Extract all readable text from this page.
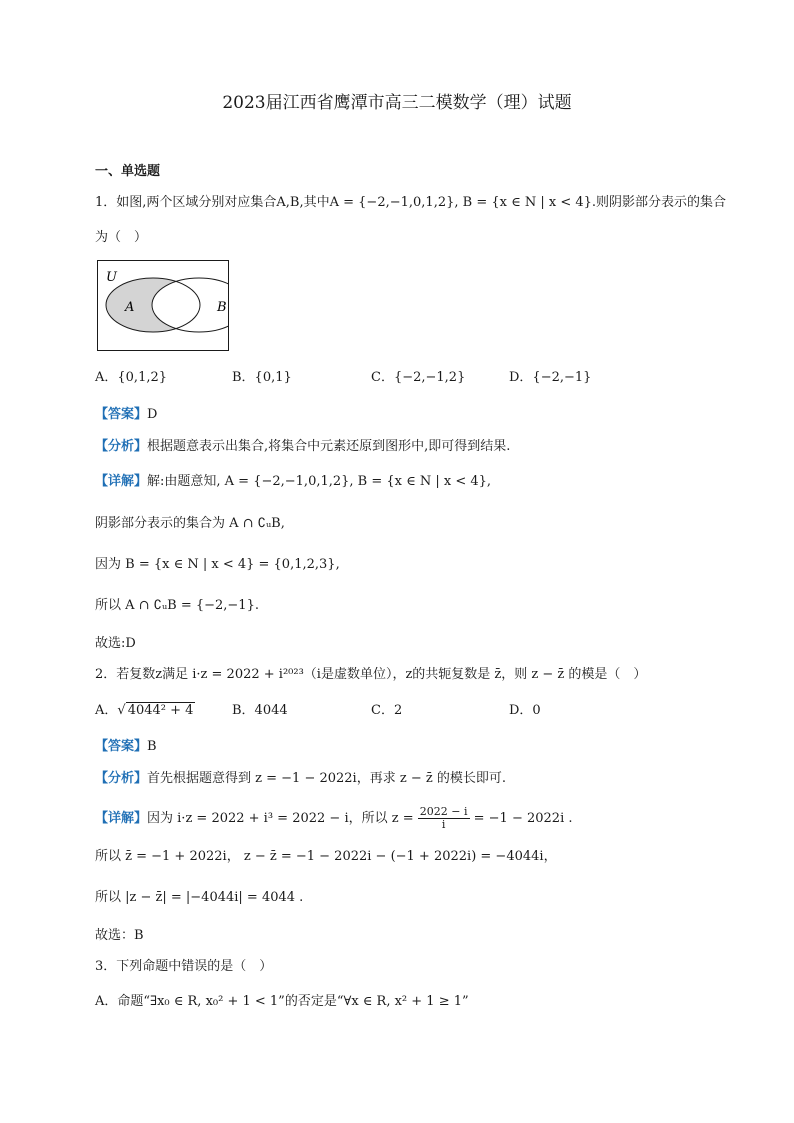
2023届江西省鹰潭市高三二模数学（理）试题
一、单选题
1．如图,两个区域分别对应集合A,B,其中A = {−2,−1,0,1,2}, B = {x ∈ N | x < 4}.则阴影部分表示的集合
为（　）
U
A	B
A．{0,1,2}	B．{0,1}	C．{−2,−1,2}	D．{−2,−1}
【答案】D
【分析】根据题意表示出集合,将集合中元素还原到图形中,即可得到结果.
【详解】解:由题意知, A = {−2,−1,0,1,2}, B = {x ∈ N | x < 4},
阴影部分表示的集合为 A ∩ ∁ᵤB,
因为 B = {x ∈ N | x < 4} = {0,1,2,3},
所以 A ∩ ∁ᵤB = {−2,−1}.
故选:D
2．若复数z满足 i·z = 2022 + i²⁰²³（i是虚数单位），z的共轭复数是 z̄，则 z − z̄ 的模是（　）
A．√ 4044² + 4	B．4044	C．2	D．0
【答案】B
【分析】首先根据题意得到 z = −1 − 2022i，再求 z − z̄ 的模长即可.
【详解】因为 i·z = 2022 + i³ = 2022 − i，所以 $z = \frac{2022 - i}{i} = -1 - 2022i$ .
所以 z̄ = −1 + 2022i， z − z̄ = −1 − 2022i − (−1 + 2022i) = −4044i，
所以 |z − z̄| = |−4044i| = 4044 .
故选：B
3．下列命题中错误的是（　）
A．命题“∃x₀ ∈ R, x₀² + 1 < 1”的否定是“∀x ∈ R, x² + 1 ≥ 1”
